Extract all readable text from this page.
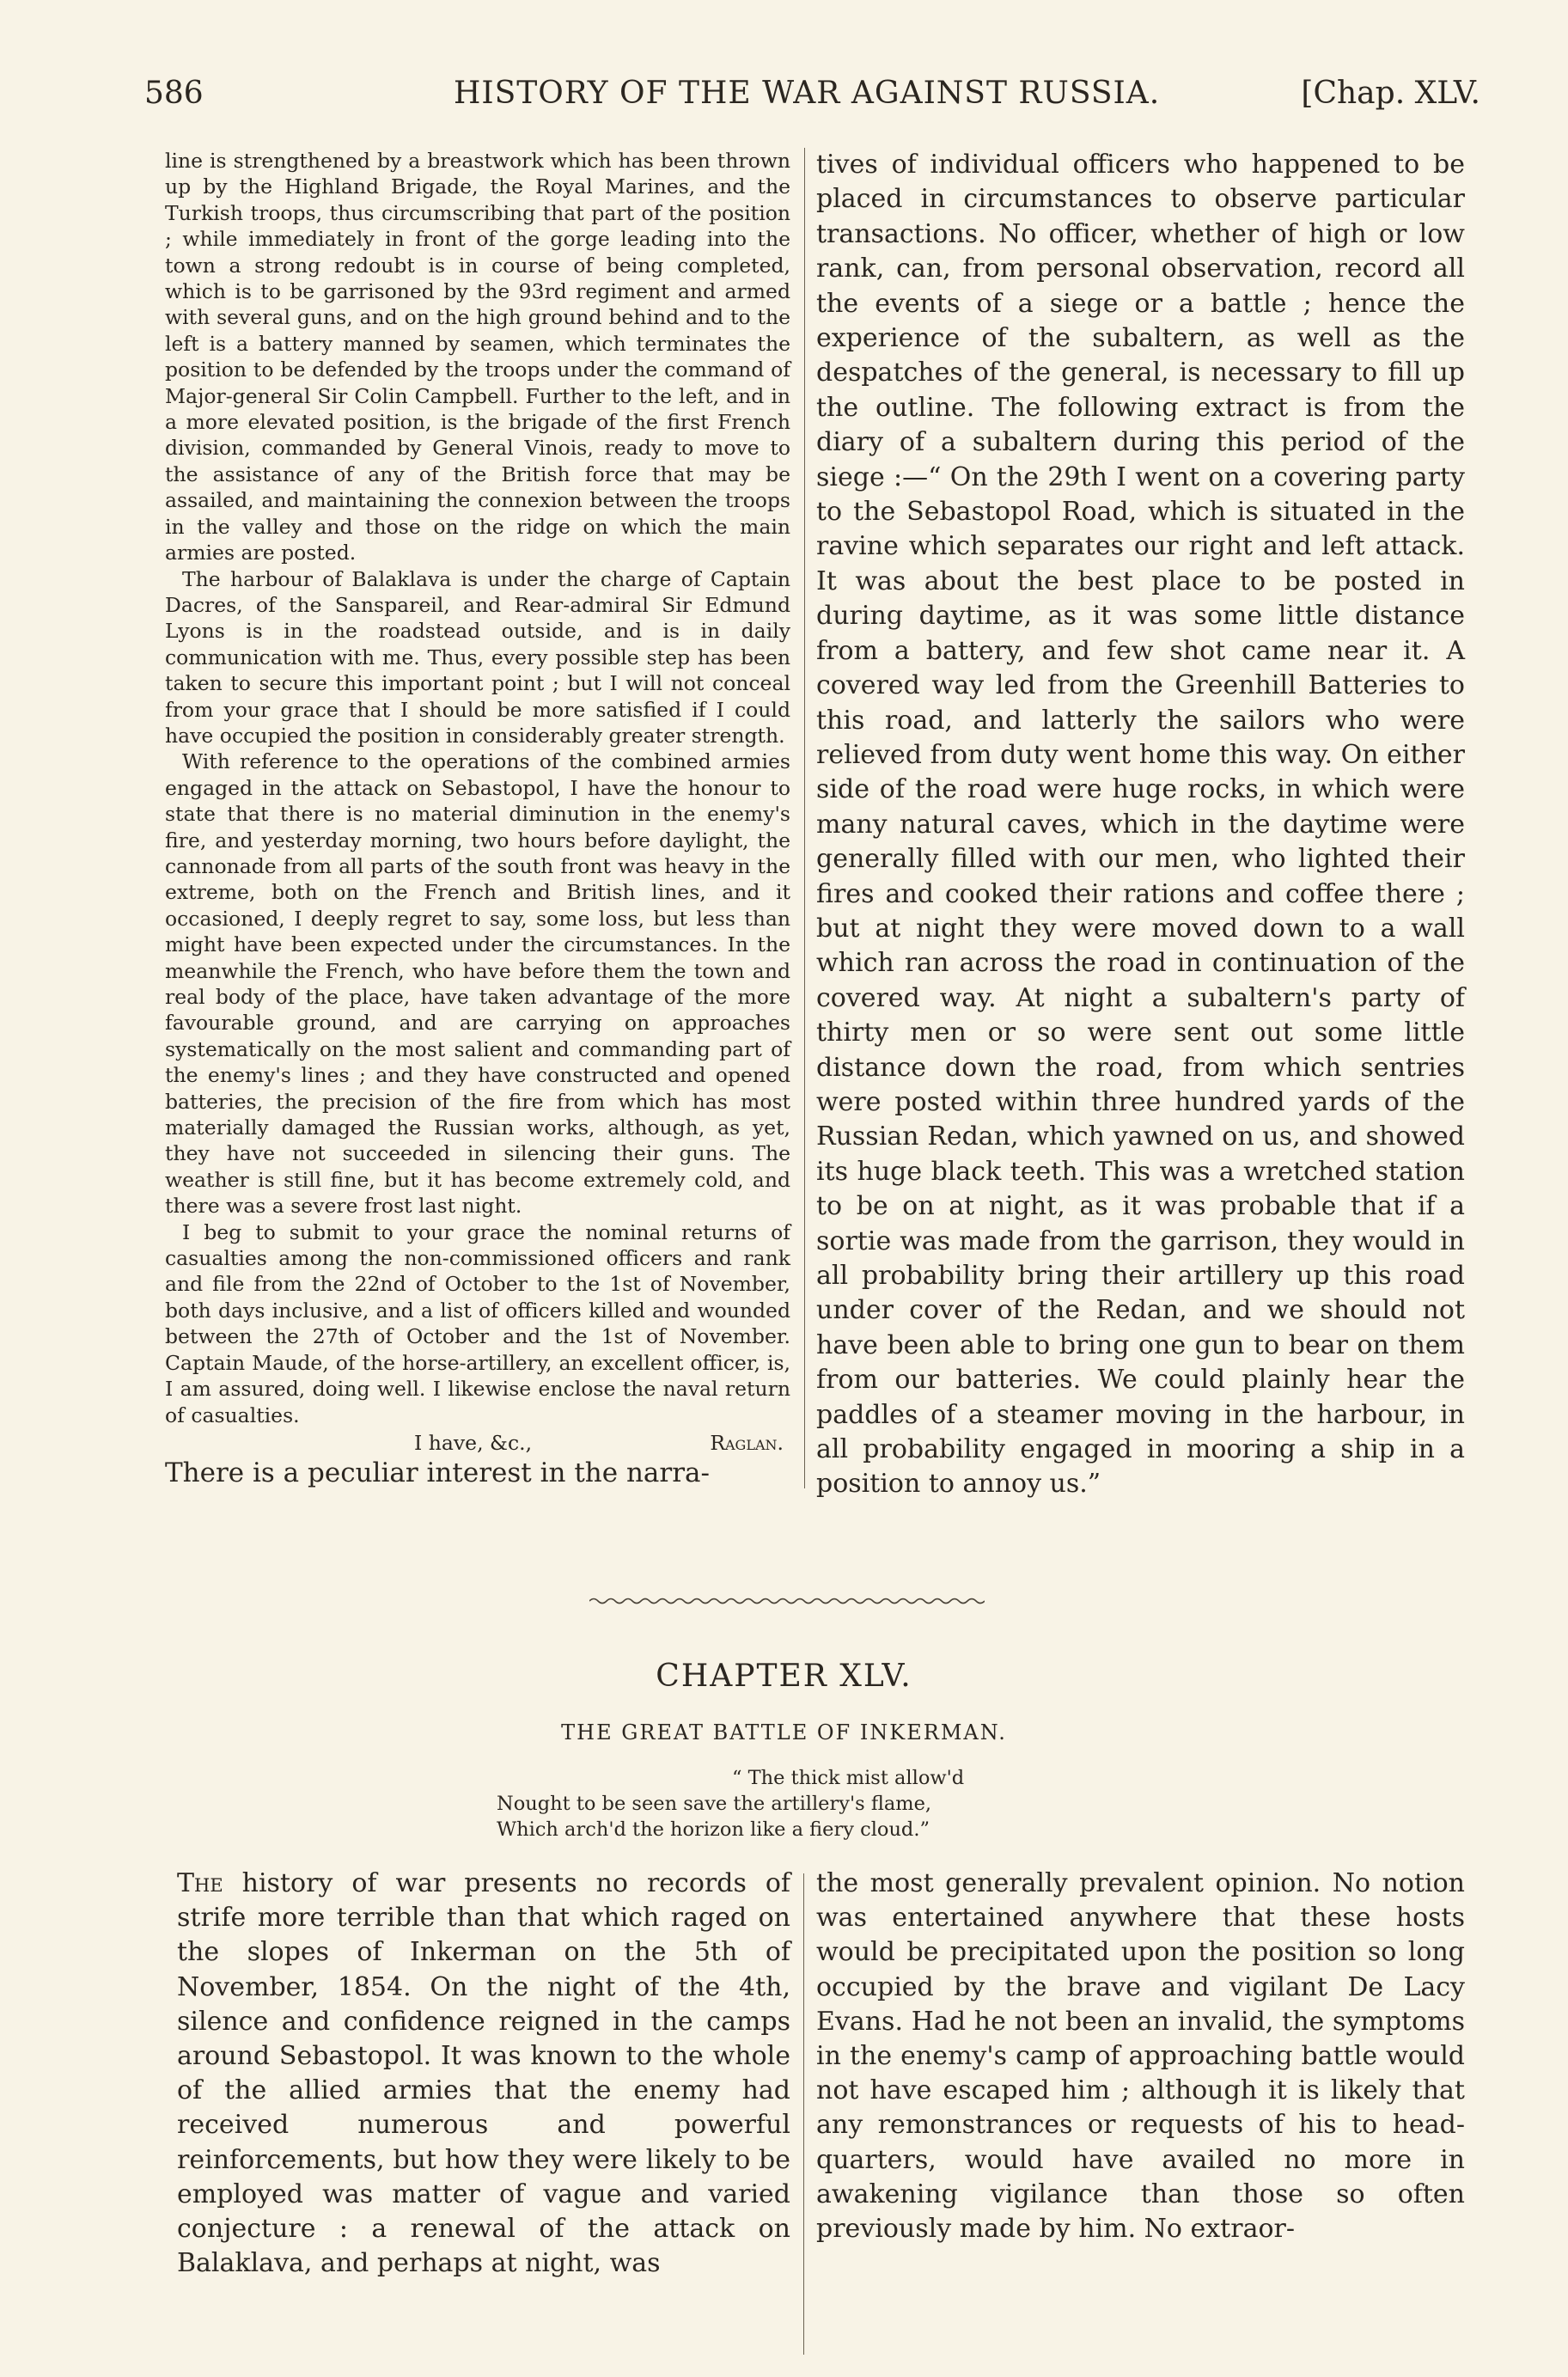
586	HISTORY OF THE WAR AGAINST RUSSIA.	[Chap. XLV.

line is strengthened by a breastwork which has been thrown up by the Highland Brigade, the Royal Marines, and the Turkish troops, thus circumscribing that part of the position ; while immediately in front of the gorge leading into the town a strong redoubt is in course of being completed, which is to be garrisoned by the 93rd regiment and armed with several guns, and on the high ground behind and to the left is a battery manned by seamen, which terminates the position to be defended by the troops under the command of Major-general Sir Colin Campbell. Further to the left, and in a more elevated position, is the brigade of the first French division, commanded by General Vinois, ready to move to the assistance of any of the British force that may be assailed, and maintaining the connexion between the troops in the valley and those on the ridge on which the main armies are posted.

The harbour of Balaklava is under the charge of Captain Dacres, of the Sanspareil, and Rear-admiral Sir Edmund Lyons is in the roadstead outside, and is in daily communication with me. Thus, every possible step has been taken to secure this important point ; but I will not conceal from your grace that I should be more satisfied if I could have occupied the position in considerably greater strength.

With reference to the operations of the combined armies engaged in the attack on Sebastopol, I have the honour to state that there is no material diminution in the enemy's fire, and yesterday morning, two hours before daylight, the cannonade from all parts of the south front was heavy in the extreme, both on the French and British lines, and it occasioned, I deeply regret to say, some loss, but less than might have been expected under the circumstances. In the meanwhile the French, who have before them the town and real body of the place, have taken advantage of the more favourable ground, and are carrying on approaches systematically on the most salient and commanding part of the enemy's lines ; and they have constructed and opened batteries, the precision of the fire from which has most materially damaged the Russian works, although, as yet, they have not succeeded in silencing their guns. The weather is still fine, but it has become extremely cold, and there was a severe frost last night.

I beg to submit to your grace the nominal returns of casualties among the non-commissioned officers and rank and file from the 22nd of October to the 1st of November, both days inclusive, and a list of officers killed and wounded between the 27th of October and the 1st of November. Captain Maude, of the horse-artillery, an excellent officer, is, I am assured, doing well. I likewise enclose the naval return of casualties.

I have, &c.,	Raglan.

There is a peculiar interest in the narra-

tives of individual officers who happened to be placed in circumstances to observe particular transactions. No officer, whether of high or low rank, can, from personal observation, record all the events of a siege or a battle ; hence the experience of the subaltern, as well as the despatches of the general, is necessary to fill up the outline. The following extract is from the diary of a subaltern during this period of the siege :—“ On the 29th I went on a covering party to the Sebastopol Road, which is situated in the ravine which separates our right and left attack. It was about the best place to be posted in during daytime, as it was some little distance from a battery, and few shot came near it. A covered way led from the Greenhill Batteries to this road, and latterly the sailors who were relieved from duty went home this way. On either side of the road were huge rocks, in which were many natural caves, which in the daytime were generally filled with our men, who lighted their fires and cooked their rations and coffee there ; but at night they were moved down to a wall which ran across the road in continuation of the covered way. At night a subaltern's party of thirty men or so were sent out some little distance down the road, from which sentries were posted within three hundred yards of the Russian Redan, which yawned on us, and showed its huge black teeth. This was a wretched station to be on at night, as it was probable that if a sortie was made from the garrison, they would in all probability bring their artillery up this road under cover of the Redan, and we should not have been able to bring one gun to bear on them from our batteries. We could plainly hear the paddles of a steamer moving in the harbour, in all probability engaged in mooring a ship in a position to annoy us.”

CHAPTER XLV.
THE GREAT BATTLE OF INKERMAN.
“ The thick mist allow'd
Nought to be seen save the artillery's flame,
Which arch'd the horizon like a fiery cloud.”

The history of war presents no records of strife more terrible than that which raged on the slopes of Inkerman on the 5th of November, 1854. On the night of the 4th, silence and confidence reigned in the camps around Sebastopol. It was known to the whole of the allied armies that the enemy had received numerous and powerful reinforcements, but how they were likely to be employed was matter of vague and varied conjecture : a renewal of the attack on Balaklava, and perhaps at night, was

the most generally prevalent opinion. No notion was entertained anywhere that these hosts would be precipitated upon the position so long occupied by the brave and vigilant De Lacy Evans. Had he not been an invalid, the symptoms in the enemy's camp of approaching battle would not have escaped him ; although it is likely that any remonstrances or requests of his to head-quarters, would have availed no more in awakening vigilance than those so often previously made by him. No extraor-
